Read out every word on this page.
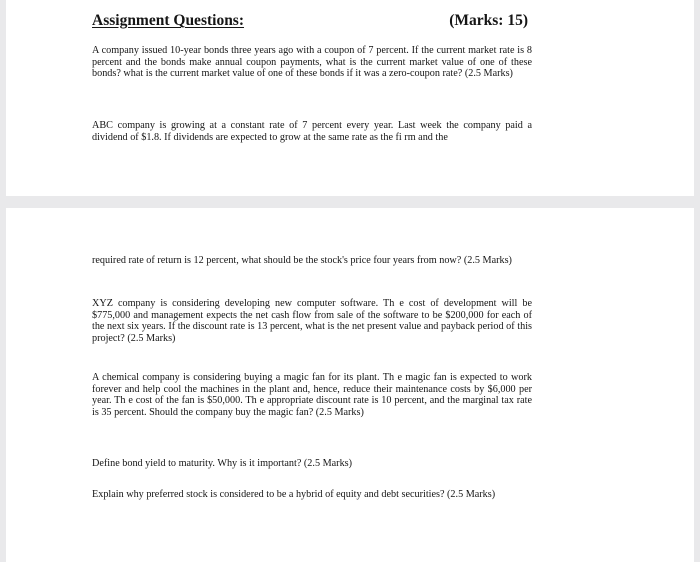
Assignment Questions:	(Marks: 15)

A company issued 10-year bonds three years ago with a coupon of 7 percent. If the current market rate is 8 percent and the bonds make annual coupon payments, what is the current market value of one of these bonds? what is the current market value of one of these bonds if it was a zero-coupon rate? (2.5 Marks)

ABC company is growing at a constant rate of 7 percent every year. Last week the company paid a dividend of $1.8. If dividends are expected to grow at the same rate as the fi rm and the

required rate of return is 12 percent, what should be the stock's price four years from now? (2.5 Marks)

XYZ company is considering developing new computer software. Th e cost of development will be $775,000 and management expects the net cash flow from sale of the software to be $200,000 for each of the next six years. If the discount rate is 13 percent, what is the net present value and payback period of this project? (2.5 Marks)

A chemical company is considering buying a magic fan for its plant. Th e magic fan is expected to work forever and help cool the machines in the plant and, hence, reduce their maintenance costs by $6,000 per year. Th e cost of the fan is $50,000. Th e appropriate discount rate is 10 percent, and the marginal tax rate is 35 percent. Should the company buy the magic fan? (2.5 Marks)

Define bond yield to maturity. Why is it important? (2.5 Marks)

Explain why preferred stock is considered to be a hybrid of equity and debt securities? (2.5 Marks)
